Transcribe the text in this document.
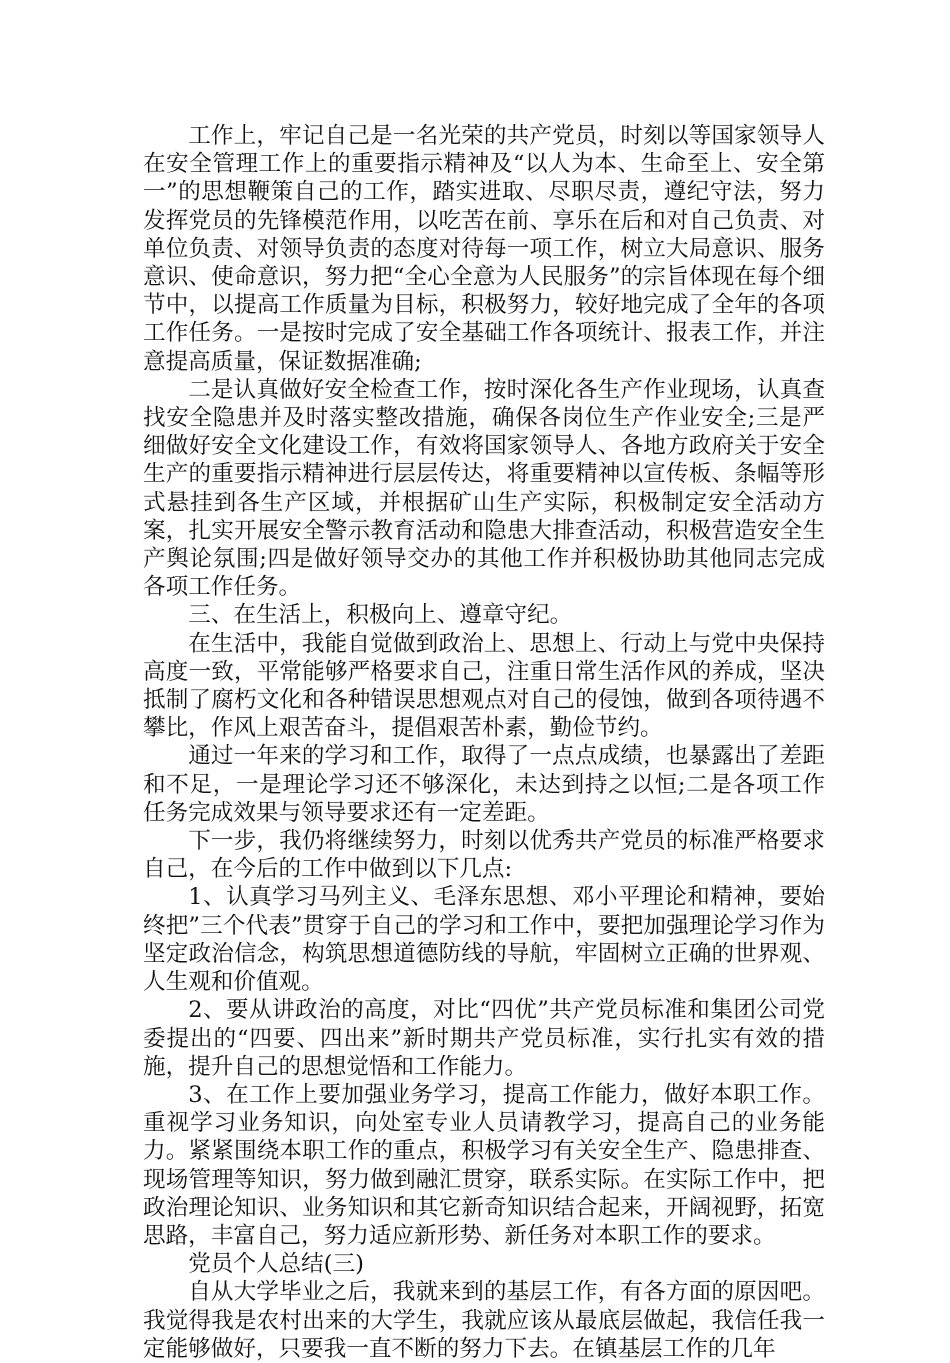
工作上，牢记自己是一名光荣的共产党员，时刻以等国家领导人在安全管理工作上的重要指示精神及“以人为本、生命至上、安全第一”的思想鞭策自己的工作，踏实进取、尽职尽责，遵纪守法，努力发挥党员的先锋模范作用，以吃苦在前、享乐在后和对自己负责、对单位负责、对领导负责的态度对待每一项工作，树立大局意识、服务意识、使命意识，努力把“全心全意为人民服务”的宗旨体现在每个细节中，以提高工作质量为目标，积极努力，较好地完成了全年的各项工作任务。一是按时完成了安全基础工作各项统计、报表工作，并注意提高质量，保证数据准确;

二是认真做好安全检查工作，按时深化各生产作业现场，认真查找安全隐患并及时落实整改措施，确保各岗位生产作业安全;三是严细做好安全文化建设工作，有效将国家领导人、各地方政府关于安全生产的重要指示精神进行层层传达，将重要精神以宣传板、条幅等形式悬挂到各生产区域，并根据矿山生产实际，积极制定安全活动方案，扎实开展安全警示教育活动和隐患大排查活动，积极营造安全生产舆论氛围;四是做好领导交办的其他工作并积极协助其他同志完成各项工作任务。

三、在生活上，积极向上、遵章守纪。

在生活中，我能自觉做到政治上、思想上、行动上与党中央保持高度一致，平常能够严格要求自己，注重日常生活作风的养成，坚决抵制了腐朽文化和各种错误思想观点对自己的侵蚀，做到各项待遇不攀比，作风上艰苦奋斗，提倡艰苦朴素，勤俭节约。

通过一年来的学习和工作，取得了一点点成绩，也暴露出了差距和不足，一是理论学习还不够深化，未达到持之以恒;二是各项工作任务完成效果与领导要求还有一定差距。

下一步，我仍将继续努力，时刻以优秀共产党员的标准严格要求自己，在今后的工作中做到以下几点:

1、认真学习马列主义、毛泽东思想、邓小平理论和精神，要始终把”三个代表”贯穿于自己的学习和工作中，要把加强理论学习作为坚定政治信念，构筑思想道德防线的导航，牢固树立正确的世界观、人生观和价值观。

2、要从讲政治的高度，对比“四优”共产党员标准和集团公司党委提出的“四要、四出来”新时期共产党员标准，实行扎实有效的措施，提升自己的思想觉悟和工作能力。

3、在工作上要加强业务学习，提高工作能力，做好本职工作。重视学习业务知识，向处室专业人员请教学习，提高自己的业务能力。紧紧围绕本职工作的重点，积极学习有关安全生产、隐患排查、现场管理等知识，努力做到融汇贯穿，联系实际。在实际工作中，把政治理论知识、业务知识和其它新奇知识结合起来，开阔视野，拓宽思路，丰富自己，努力适应新形势、新任务对本职工作的要求。

党员个人总结(三)

自从大学毕业之后，我就来到的基层工作，有各方面的原因吧。我觉得我是农村出来的大学生，我就应该从最底层做起，我信任我一定能够做好，只要我一直不断的努力下去。在镇基层工作的几年
